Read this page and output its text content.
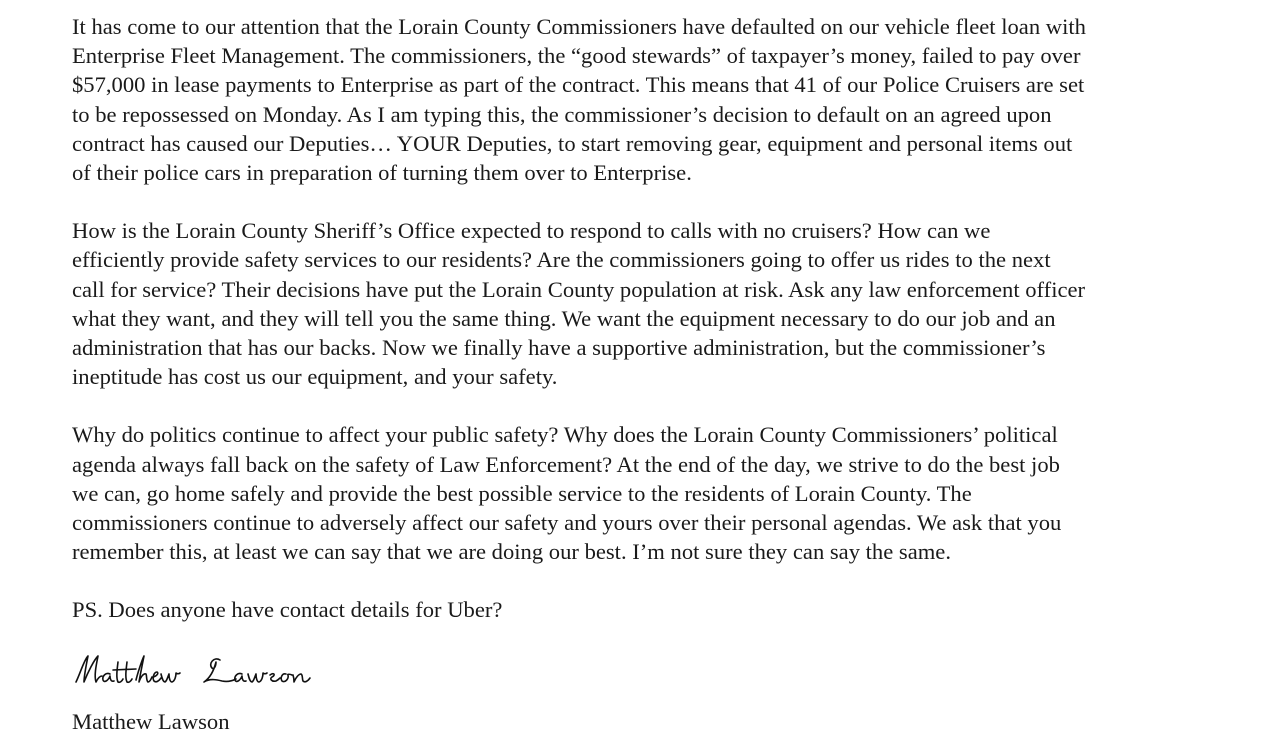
It has come to our attention that the Lorain County Commissioners have defaulted on our vehicle fleet loan with
Enterprise Fleet Management. The commissioners, the “good stewards” of taxpayer’s money, failed to pay over
$57,000 in lease payments to Enterprise as part of the contract. This means that 41 of our Police Cruisers are set
to be repossessed on Monday. As I am typing this, the commissioner’s decision to default on an agreed upon
contract has caused our Deputies… YOUR Deputies, to start removing gear, equipment and personal items out
of their police cars in preparation of turning them over to Enterprise.

How is the Lorain County Sheriff’s Office expected to respond to calls with no cruisers? How can we
efficiently provide safety services to our residents? Are the commissioners going to offer us rides to the next
call for service? Their decisions have put the Lorain County population at risk. Ask any law enforcement officer
what they want, and they will tell you the same thing. We want the equipment necessary to do our job and an
administration that has our backs. Now we finally have a supportive administration, but the commissioner’s
ineptitude has cost us our equipment, and your safety.

Why do politics continue to affect your public safety? Why does the Lorain County Commissioners’ political
agenda always fall back on the safety of Law Enforcement? At the end of the day, we strive to do the best job
we can, go home safely and provide the best possible service to the residents of Lorain County. The
commissioners continue to adversely affect our safety and yours over their personal agendas. We ask that you
remember this, at least we can say that we are doing our best. I’m not sure they can say the same.

PS. Does anyone have contact details for Uber?

Matthew Lawson
